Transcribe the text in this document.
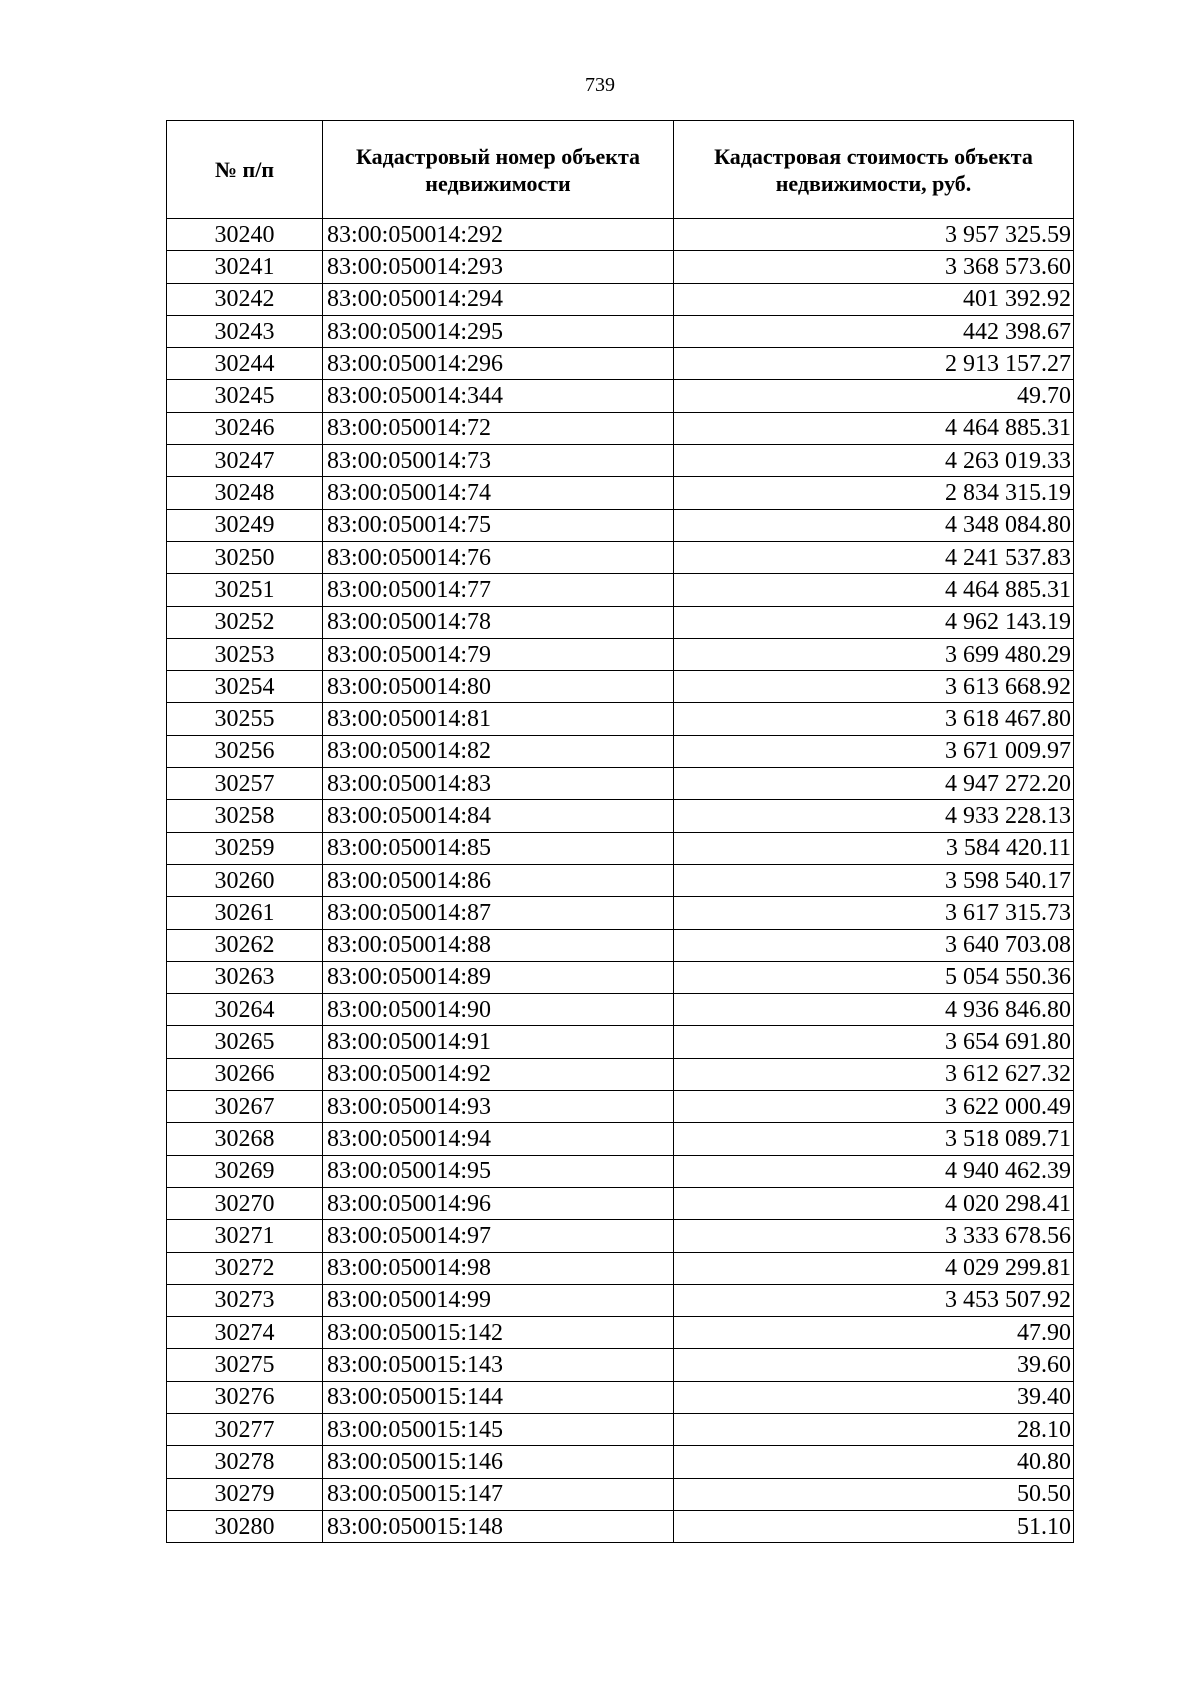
739
№ п/п	Кадастровый номер объекта недвижимости	Кадастровая стоимость объекта недвижимости, руб.
30240	83:00:050014:292	3 957 325.59
30241	83:00:050014:293	3 368 573.60
30242	83:00:050014:294	401 392.92
30243	83:00:050014:295	442 398.67
30244	83:00:050014:296	2 913 157.27
30245	83:00:050014:344	49.70
30246	83:00:050014:72	4 464 885.31
30247	83:00:050014:73	4 263 019.33
30248	83:00:050014:74	2 834 315.19
30249	83:00:050014:75	4 348 084.80
30250	83:00:050014:76	4 241 537.83
30251	83:00:050014:77	4 464 885.31
30252	83:00:050014:78	4 962 143.19
30253	83:00:050014:79	3 699 480.29
30254	83:00:050014:80	3 613 668.92
30255	83:00:050014:81	3 618 467.80
30256	83:00:050014:82	3 671 009.97
30257	83:00:050014:83	4 947 272.20
30258	83:00:050014:84	4 933 228.13
30259	83:00:050014:85	3 584 420.11
30260	83:00:050014:86	3 598 540.17
30261	83:00:050014:87	3 617 315.73
30262	83:00:050014:88	3 640 703.08
30263	83:00:050014:89	5 054 550.36
30264	83:00:050014:90	4 936 846.80
30265	83:00:050014:91	3 654 691.80
30266	83:00:050014:92	3 612 627.32
30267	83:00:050014:93	3 622 000.49
30268	83:00:050014:94	3 518 089.71
30269	83:00:050014:95	4 940 462.39
30270	83:00:050014:96	4 020 298.41
30271	83:00:050014:97	3 333 678.56
30272	83:00:050014:98	4 029 299.81
30273	83:00:050014:99	3 453 507.92
30274	83:00:050015:142	47.90
30275	83:00:050015:143	39.60
30276	83:00:050015:144	39.40
30277	83:00:050015:145	28.10
30278	83:00:050015:146	40.80
30279	83:00:050015:147	50.50
30280	83:00:050015:148	51.10
